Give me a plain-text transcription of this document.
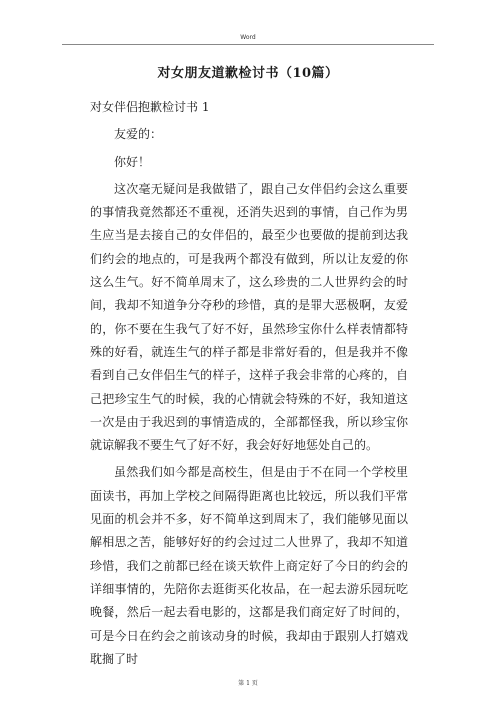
Word
对女朋友道歉检讨书（10篇）

对女伴侣抱歉检讨书 1

友爱的：

你好！

这次毫无疑问是我做错了，跟自己女伴侣约会这么重要的事情我竟然都还不重视，还消失迟到的事情，自己作为男生应当是去接自己的女伴侣的，最至少也要做的提前到达我们约会的地点的，可是我两个都没有做到，所以让友爱的你这么生气。好不简单周末了，这么珍贵的二人世界约会的时间，我却不知道争分夺秒的珍惜，真的是罪大恶极啊，友爱的，你不要在生我气了好不好，虽然珍宝你什么样表情都特殊的好看，就连生气的样子都是非常好看的，但是我并不像看到自己女伴侣生气的样子，这样子我会非常的心疼的，自己把珍宝生气的时候，我的心情就会特殊的不好，我知道这一次是由于我迟到的事情造成的，全部都怪我，所以珍宝你就谅解我不要生气了好不好，我会好好地惩处自己的。

虽然我们如今都是高校生，但是由于不在同一个学校里面读书，再加上学校之间隔得距离也比较远，所以我们平常见面的机会并不多，好不简单这到周末了，我们能够见面以解相思之苦，能够好好的约会过过二人世界了，我却不知道珍惜，我们之前都已经在谈天软件上商定好了今日的约会的详细事情的，先陪你去逛街买化妆品，在一起去游乐园玩吃晚餐，然后一起去看电影的，这都是我们商定好了时间的，可是今日在约会之前该动身的时候，我却由于跟别人打嬉戏耽搁了时

第 1 页
